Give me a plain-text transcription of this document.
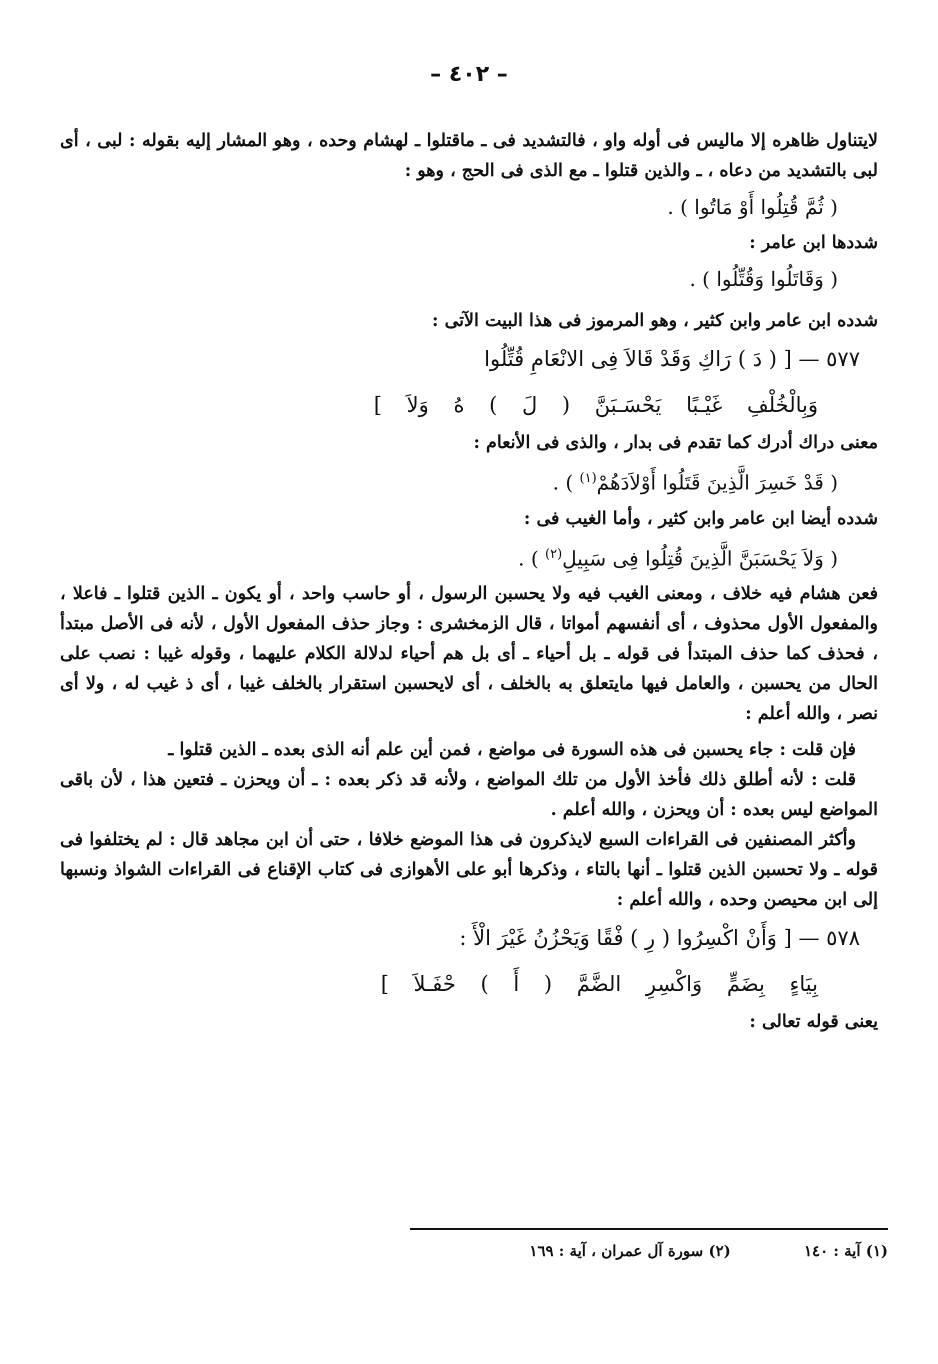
– ٤٠٢ –

لايتناول ظاهره إلا ماليس فى أوله واو ، فالتشديد فى ـ ماقتلوا ـ لهشام وحده ، وهو المشار إليه بقوله : لبى ، أى لبى بالتشديد من دعاه ، ـ والذين قتلوا ـ مع الذى فى الحج ، وهو :

( ثُمَّ قُتِلُوا أَوْ مَاتُوا ) .

شددها ابن عامر :

( وَقَاتَلُوا وَقُتِّلُوا ) .

شدده ابن عامر وابن كثير ، وهو المرموز فى هذا البيت الآتى :

٥٧٧ — [ ( دَ ) رَاكِ وَقَدْ قَالاَ فِى الانْعَامِ قُتِّلُوا

وَبِالْخُلْفِ غَيْـبًا يَحْسَـبَنَّ ( لَ ) هُ وَلاَ ]

معنى دراك أدرك كما تقدم فى بدار ، والذى فى الأنعام :

( قَدْ خَسِرَ الَّذِينَ قَتَلُوا أَوْلاَدَهُمْ$^{(١)}$ ) .

شدده أيضا ابن عامر وابن كثير ، وأما الغيب فى :

( وَلاَ يَحْسَبَنَّ الَّذِينَ قُتِلُوا فِى سَبِيلِ$^{(٢)}$ ) .

فعن هشام فيه خلاف ، ومعنى الغيب فيه ولا يحسبن الرسول ، أو حاسب واحد ، أو يكون ـ الذين قتلوا ـ فاعلا ، والمفعول الأول محذوف ، أى أنفسهم أمواتا ، قال الزمخشرى : وجاز حذف المفعول الأول ، لأنه فى الأصل مبتدأ ، فحذف كما حذف المبتدأ فى قوله ـ بل أحياء ـ أى بل هم أحياء لدلالة الكلام عليهما ، وقوله غيبا : نصب على الحال من يحسبن ، والعامل فيها مايتعلق به بالخلف ، أى لايحسبن استقرار بالخلف غيبا ، أى ذ غيب له ، ولا أى نصر ، والله أعلم :

فإن قلت : جاء يحسبن فى هذه السورة فى مواضع ، فمن أين علم أنه الذى بعده ـ الذين قتلوا ـ

قلت : لأنه أطلق ذلك فأخذ الأول من تلك المواضع ، ولأنه قد ذكر بعده : ـ أن ويحزن ـ فتعين هذا ، لأن باقى المواضع ليس بعده : أن ويحزن ، والله أعلم .

وأكثر المصنفين فى القراءات السبع لايذكرون فى هذا الموضع خلافا ، حتى أن ابن مجاهد قال : لم يختلفوا فى قوله ـ ولا تحسبن الذين قتلوا ـ أنها بالتاء ، وذكرها أبو على الأهوازى فى كتاب الإقناع فى القراءات الشواذ ونسبها إلى ابن محيصن وحده ، والله أعلم :

٥٧٨ — [ وَأَنْ اكْسِرُوا ( رِ ) فْقًا وَيَحْزُنُ غَيْرَ الْأَ :

بِيَاءٍ بِضَمٍّ وَاكْسِرِ الضَّمَّ ( أَ ) حْفَـلاَ ]

يعنى قوله تعالى :

(١) آية : ١٤٠ (٢) سورة آل عمران ، آية : ١٦٩
